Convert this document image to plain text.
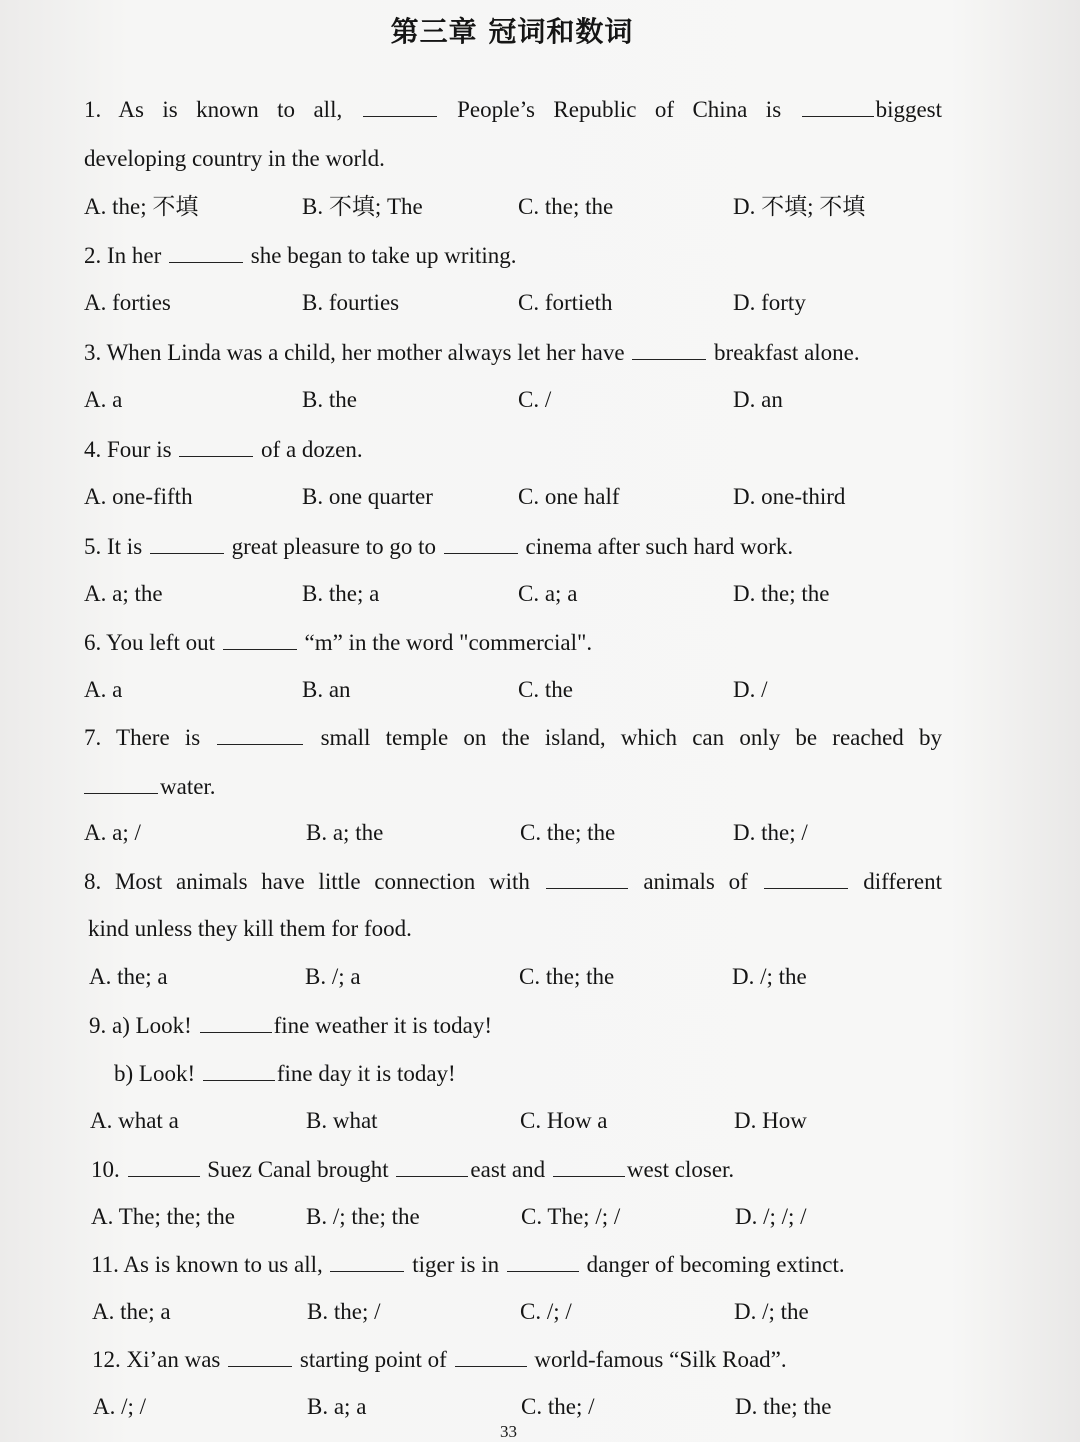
第三章 冠词和数词
1. As is known to all,	People’s Republic of China is	biggest
developing country in the world.
A. the; 不填	B. 不填; The	C. the; the	D. 不填; 不填
2. In her	she began to take up writing.
A. forties	B. fourties	C. fortieth	D. forty
3. When Linda was a child, her mother always let her have	breakfast alone.
A. a	B. the	C. /	D. an
4. Four is	of a dozen.
A. one-fifth	B. one quarter	C. one half	D. one-third
5. It is	great pleasure to go to	cinema after such hard work.
A. a; the	B. the; a	C. a; a	D. the; the
6. You left out	“m” in the word "commercial".
A. a	B. an	C. the	D. /
7. There is	small temple on the island, which can only be reached by
water.
A. a; /	B. a; the	C. the; the	D. the; /
8. Most animals have little connection with	animals of	different
kind unless they kill them for food.
A. the; a	B. /; a	C. the; the	D. /; the
9. a) Look!	fine weather it is today!
b) Look!	fine day it is today!
A. what a	B. what	C. How a	D. How
10.	Suez Canal brought	east and	west closer.
A. The; the; the	B. /; the; the	C. The; /; /	D. /; /; /
11. As is known to us all,	tiger is in	danger of becoming extinct.
A. the; a	B. the; /	C. /; /	D. /; the
12. Xi’an was	starting point of	world-famous “Silk Road”.
A. /; /	B. a; a	C. the; /	D. the; the
33
